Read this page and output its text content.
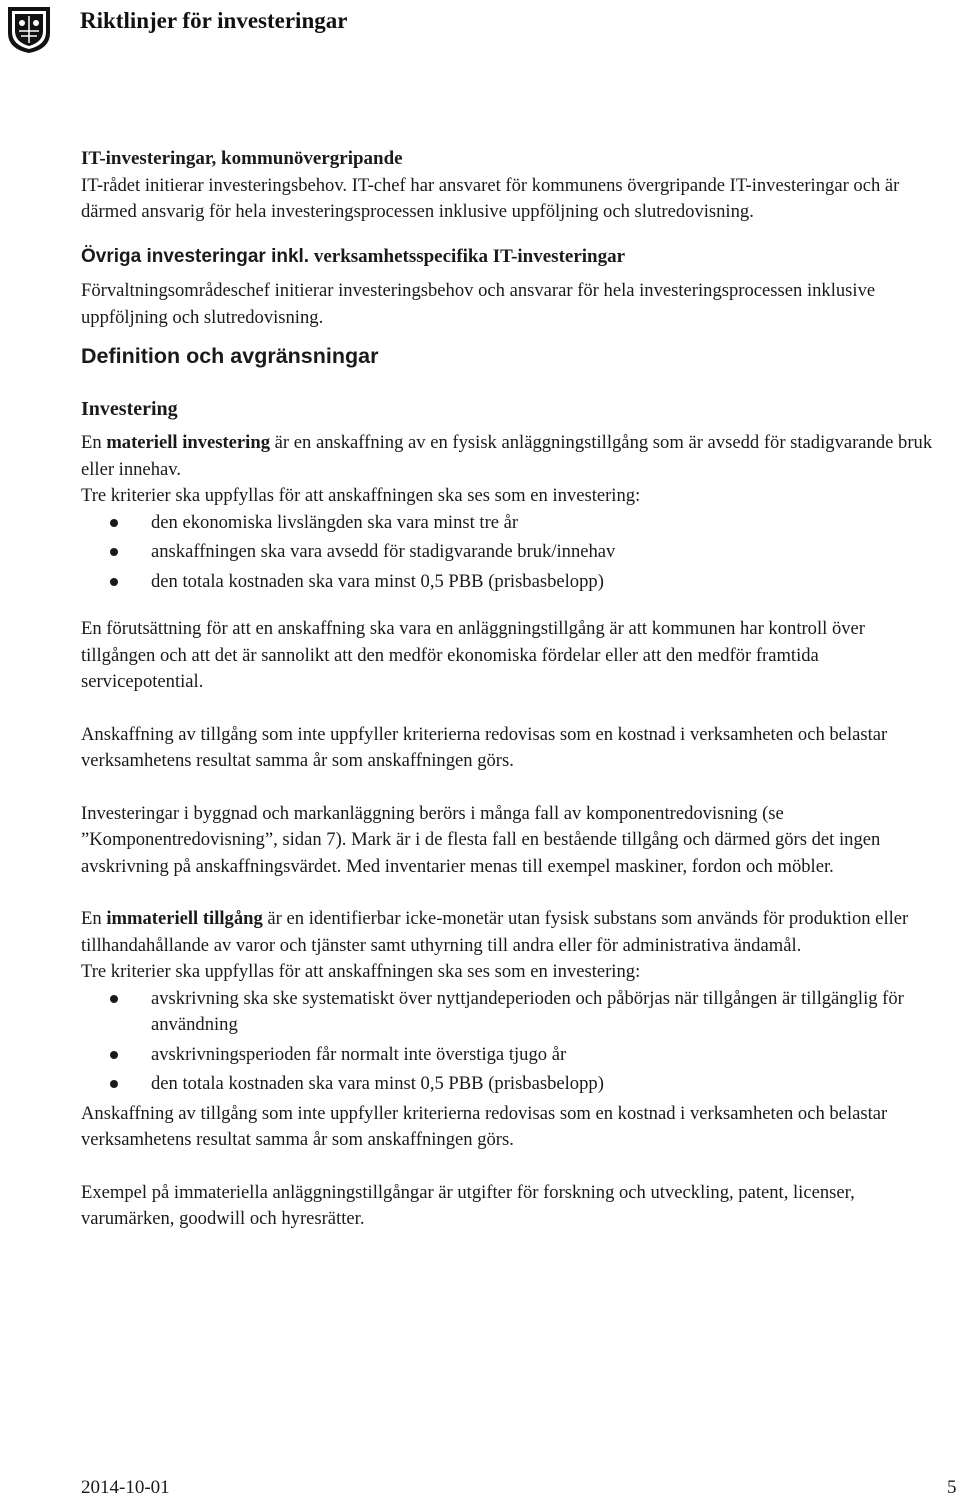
Riktlinjer för investeringar

IT-investeringar, kommunövergripande

IT-rådet initierar investeringsbehov. IT-chef har ansvaret för kommunens övergripande IT-investeringar och är därmed ansvarig för hela investeringsprocessen inklusive uppföljning och slutredovisning.

Övriga investeringar inkl. verksamhetsspecifika IT-investeringar

Förvaltningsområdeschef initierar investeringsbehov och ansvarar för hela investeringsprocessen inklusive uppföljning och slutredovisning.

Definition och avgränsningar

Investering

En materiell investering är en anskaffning av en fysisk anläggningstillgång som är avsedd för stadigvarande bruk eller innehav.

Tre kriterier ska uppfyllas för att anskaffningen ska ses som en investering:

den ekonomiska livslängden ska vara minst tre år
anskaffningen ska vara avsedd för stadigvarande bruk/innehav
den totala kostnaden ska vara minst 0,5 PBB (prisbasbelopp)

En förutsättning för att en anskaffning ska vara en anläggningstillgång är att kommunen har kontroll över tillgången och att det är sannolikt att den medför ekonomiska fördelar eller att den medför framtida servicepotential.

Anskaffning av tillgång som inte uppfyller kriterierna redovisas som en kostnad i verksamheten och belastar verksamhetens resultat samma år som anskaffningen görs.

Investeringar i byggnad och markanläggning berörs i många fall av komponentredovisning (se ”Komponentredovisning”, sidan 7). Mark är i de flesta fall en bestående tillgång och därmed görs det ingen avskrivning på anskaffningsvärdet. Med inventarier menas till exempel maskiner, fordon och möbler.

En immateriell tillgång är en identifierbar icke-monetär utan fysisk substans som används för produktion eller tillhandahållande av varor och tjänster samt uthyrning till andra eller för administrativa ändamål.

Tre kriterier ska uppfyllas för att anskaffningen ska ses som en investering:

avskrivning ska ske systematiskt över nyttjandeperioden och påbörjas när tillgången är tillgänglig för användning
avskrivningsperioden får normalt inte överstiga tjugo år
den totala kostnaden ska vara minst 0,5 PBB (prisbasbelopp)

Anskaffning av tillgång som inte uppfyller kriterierna redovisas som en kostnad i verksamheten och belastar verksamhetens resultat samma år som anskaffningen görs.

Exempel på immateriella anläggningstillgångar är utgifter för forskning och utveckling, patent, licenser, varumärken, goodwill och hyresrätter.

2014-10-01	5
